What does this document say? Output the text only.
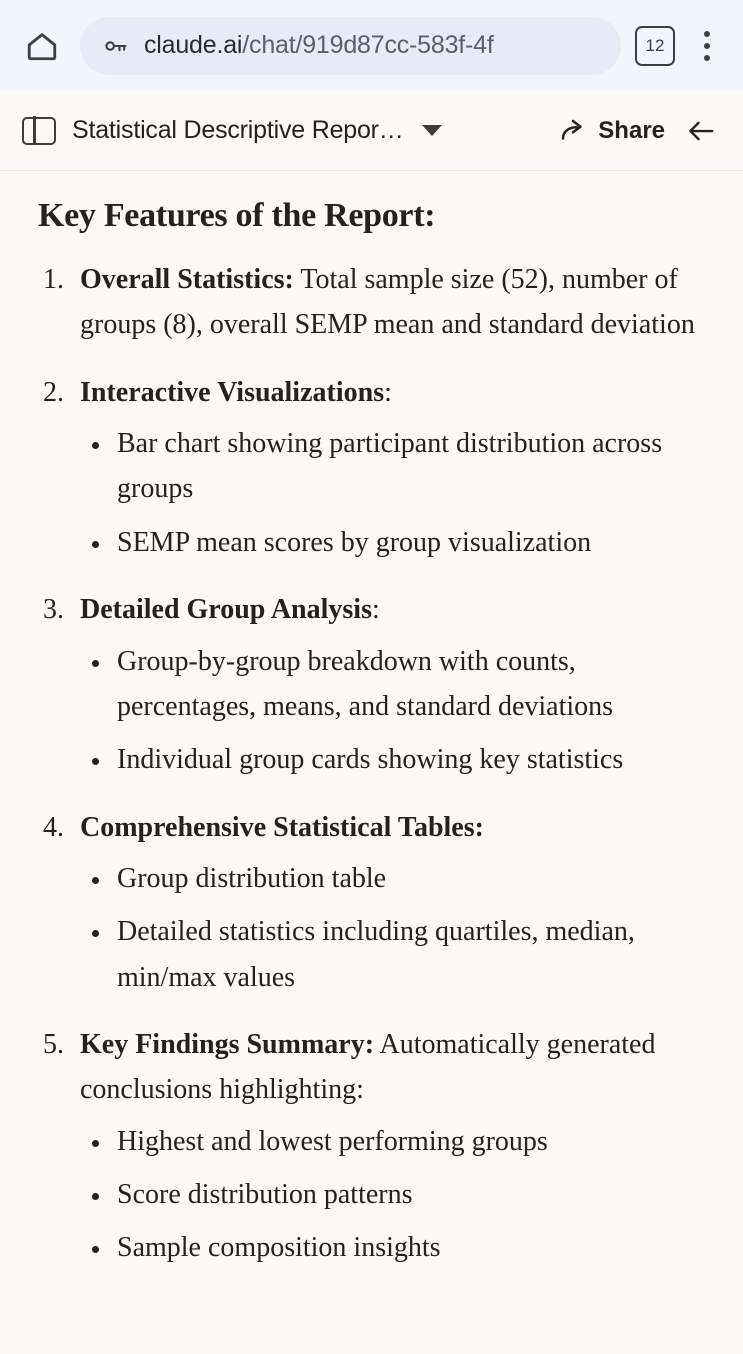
claude.ai/chat/919d87cc-583f-4f	12
Statistical Descriptive Repor…	Share
Key Features of the Report:
Overall Statistics: Total sample size (52), number of groups (8), overall SEMP mean and standard deviation
Interactive Visualizations:
Bar chart showing participant distribution across groups
SEMP mean scores by group visualization
Detailed Group Analysis:
Group-by-group breakdown with counts, percentages, means, and standard deviations
Individual group cards showing key statistics
Comprehensive Statistical Tables:
Group distribution table
Detailed statistics including quartiles, median, min/max values
Key Findings Summary: Automatically generated conclusions highlighting:
Highest and lowest performing groups
Score distribution patterns
Sample composition insights
